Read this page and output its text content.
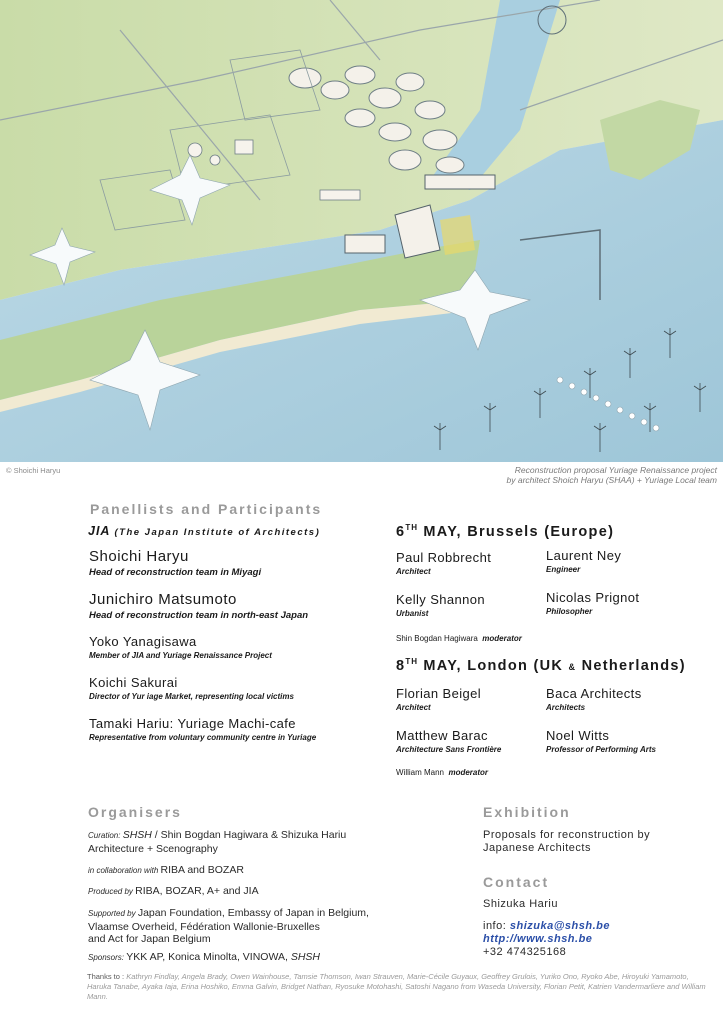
© Shoichi Haryu	Reconstruction proposal Yuriage Renaissance project
by architect Shoich Haryu (SHAA) + Yuriage Local team
Panellists and Participants
JIA (The Japan Institute of Architects)
Shoichi Haryu
Head of reconstruction team in Miyagi
Junichiro Matsumoto
Head of reconstruction team in north-east Japan
Yoko Yanagisawa
Member of JIA and Yuriage Renaissance Project
Koichi Sakurai
Director of Yur iage Market, representing local victims
Tamaki Hariu: Yuriage Machi-cafe
Representative from voluntary community centre in Yuriage
6TH MAY, Brussels (Europe)
Paul Robbrecht
Architect
Laurent Ney
Engineer
Kelly Shannon
Urbanist
Nicolas Prignot
Philosopher
Shin Bogdan Hagiwara moderator
8TH MAY, London (UK & Netherlands)
Florian Beigel
Architect
Baca Architects
Architects
Matthew Barac
Architecture Sans Frontière
Noel Witts
Professor of Performing Arts
William Mann moderator
Organisers
Curation: SHSH / Shin Bogdan Hagiwara & Shizuka Hariu
Architecture + Scenography
in collaboration with RIBA and BOZAR
Produced by RIBA, BOZAR, A+ and JIA
Supported by Japan Foundation, Embassy of Japan in Belgium,
Vlaamse Overheid, Fédération Wallonie-Bruxelles
and Act for Japan Belgium
Sponsors: YKK AP, Konica Minolta, VINOWA, SHSH
Exhibition
Proposals for reconstruction by
Japanese Architects
Contact
Shizuka Hariu
info: shizuka@shsh.be
http://www.shsh.be
+32 474325168
Thanks to : Kathryn Findlay, Angela Brady, Owen Wainhouse, Tamsie Thomson, Iwan Strauven, Marie-Cécile Guyaux, Geoffrey Grulois, Yuriko Ono, Ryoko Abe, Hiroyuki Yamamoto, Haruka Tanabe, Ayaka Iaja, Erina Hoshiko, Emma Galvin, Bridget Nathan, Ryosuke Motohashi, Satoshi Nagano from Waseda University, Florian Petit, Katrien Vandermarliere and William Mann.
